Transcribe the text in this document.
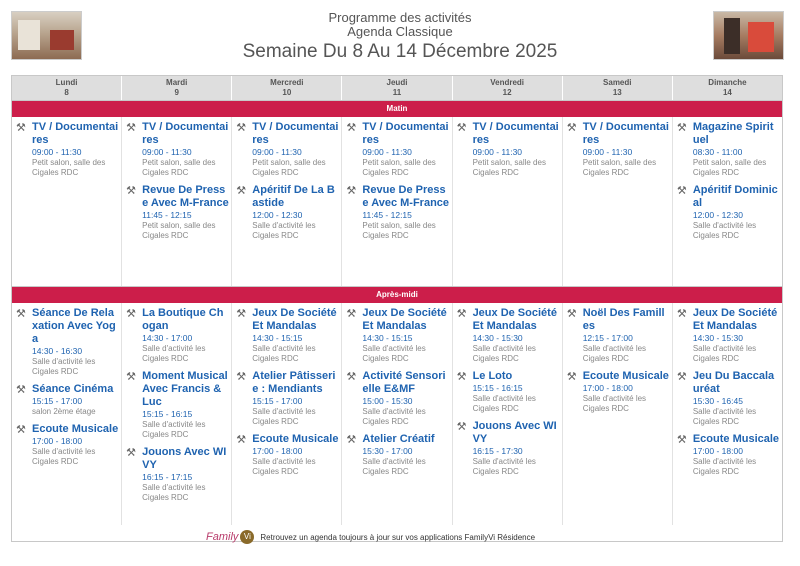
Programme des activités
Agenda Classique
Semaine Du 8 Au 14 Décembre 2025
Lundi
8
Mardi
9
Mercredi
10
Jeudi
11
Vendredi
12
Samedi
13
Dimanche
14
Matin
⚒ TV / Documentaires
09:00 - 11:30
Petit salon, salle des Cigales RDC
⚒ TV / Documentaires
09:00 - 11:30
Petit salon, salle des Cigales RDC
⚒ Revue De Presse Avec M-France
11:45 - 12:15
Petit salon, salle des Cigales RDC
⚒ TV / Documentaires
09:00 - 11:30
Petit salon, salle des Cigales RDC
⚒ Apéritif De La Bastide
12:00 - 12:30
Salle d'activité les Cigales RDC
⚒ TV / Documentaires
09:00 - 11:30
Petit salon, salle des Cigales RDC
⚒ Revue De Presse Avec M-France
11:45 - 12:15
Petit salon, salle des Cigales RDC
⚒ TV / Documentaires
09:00 - 11:30
Petit salon, salle des Cigales RDC
⚒ TV / Documentaires
09:00 - 11:30
Petit salon, salle des Cigales RDC
⚒ Magazine Spirituel
08:30 - 11:00
Petit salon, salle des Cigales RDC
⚒ Apéritif Dominical
12:00 - 12:30
Salle d'activité les Cigales RDC
Après-midi
⚒ Séance De Relaxation Avec Yoga
14:30 - 16:30
Salle d'activité les Cigales RDC
⚒ Séance Cinéma
15:15 - 17:00
salon 2ème étage
⚒ Ecoute Musicale
17:00 - 18:00
Salle d'activité les Cigales RDC
⚒ La Boutique Chogan
14:30 - 17:00
Salle d'activité les Cigales RDC
⚒ Moment Musical Avec Francis & Luc
15:15 - 16:15
Salle d'activité les Cigales RDC
⚒ Jouons Avec WIVY
16:15 - 17:15
Salle d'activité les Cigales RDC
⚒ Jeux De Société Et Mandalas
14:30 - 15:15
Salle d'activité les Cigales RDC
⚒ Atelier Pâtisserie : Mendiants
15:15 - 17:00
Salle d'activité les Cigales RDC
⚒ Ecoute Musicale
17:00 - 18:00
Salle d'activité les Cigales RDC
⚒ Jeux De Société Et Mandalas
14:30 - 15:15
Salle d'activité les Cigales RDC
⚒ Activité Sensorielle E&MF
15:00 - 15:30
Salle d'activité les Cigales RDC
⚒ Atelier Créatif
15:30 - 17:00
Salle d'activité les Cigales RDC
⚒ Jeux De Société Et Mandalas
14:30 - 15:30
Salle d'activité les Cigales RDC
⚒ Le Loto
15:15 - 16:15
Salle d'activité les Cigales RDC
⚒ Jouons Avec WIVY
16:15 - 17:30
Salle d'activité les Cigales RDC
⚒ Noël Des Familles
12:15 - 17:00
Salle d'activité les Cigales RDC
⚒ Ecoute Musicale
17:00 - 18:00
Salle d'activité les Cigales RDC
⚒ Jeux De Société Et Mandalas
14:30 - 15:30
Salle d'activité les Cigales RDC
⚒ Jeu Du Baccalauréat
15:30 - 16:45
Salle d'activité les Cigales RDC
⚒ Ecoute Musicale
17:00 - 18:00
Salle d'activité les Cigales RDC
Family Vi	Retrouvez un agenda toujours à jour sur vos applications FamilyVi Résidence
